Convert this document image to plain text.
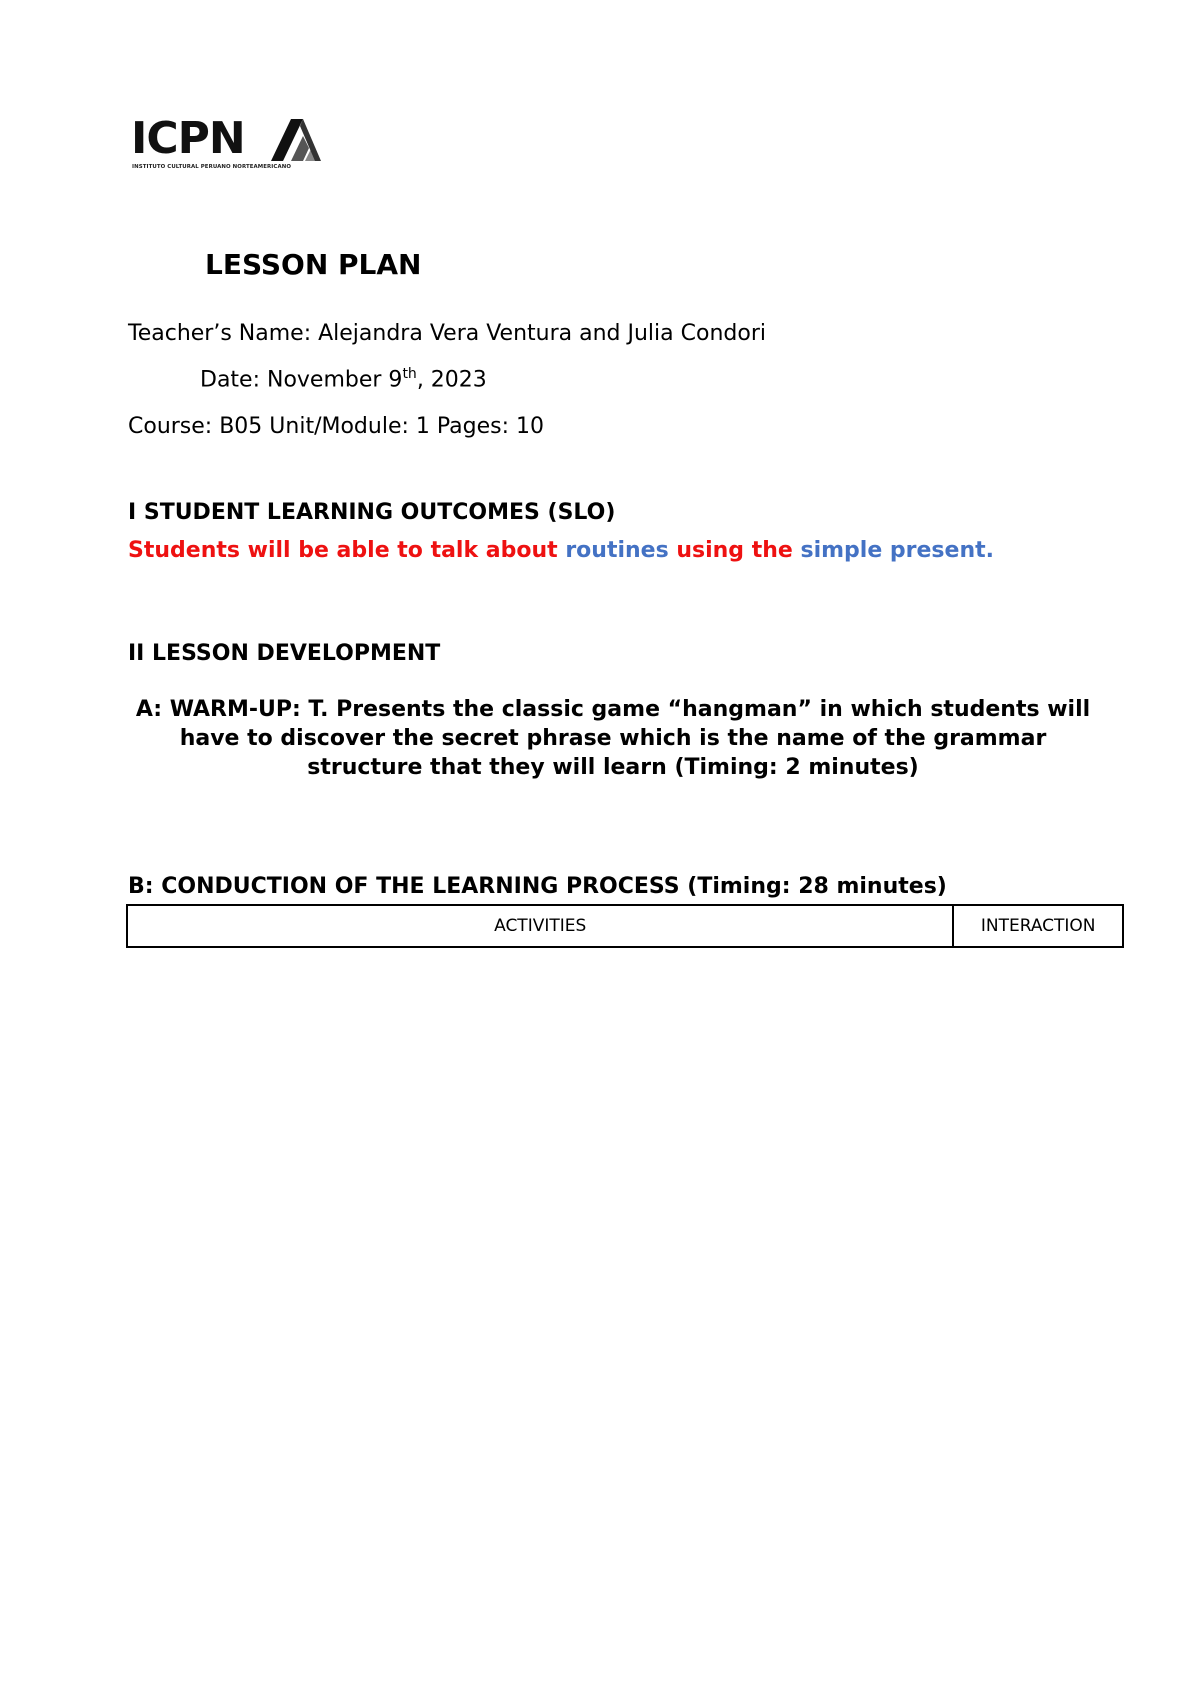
ICPN
INSTITUTO CULTURAL PERUANO NORTEAMERICANO
LESSON PLAN

Teacher’s Name: Alejandra Vera Ventura and Julia Condori

Date: November 9th, 2023

Course: B05 Unit/Module: 1 Pages: 10

I STUDENT LEARNING OUTCOMES (SLO)

Students will be able to talk about routines using the simple present.

II LESSON DEVELOPMENT

A: WARM-UP: T. Presents the classic game “hangman” in which students will have to discover the secret phrase which is the name of the grammar structure that they will learn (Timing: 2 minutes)

B: CONDUCTION OF THE LEARNING PROCESS (Timing: 28 minutes)
ACTIVITIES	INTERACTION
